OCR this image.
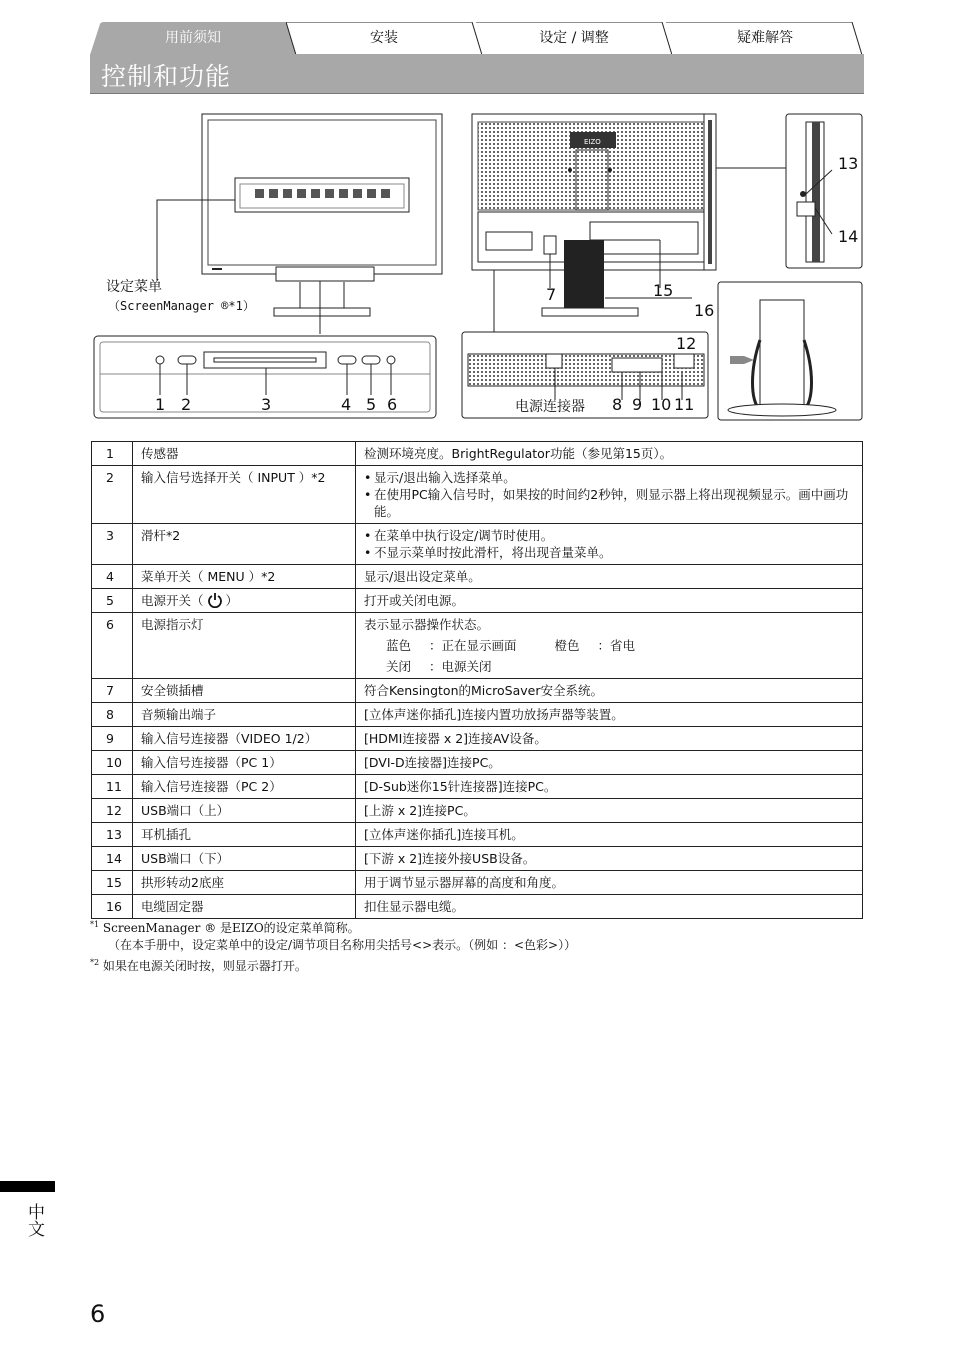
用前须知	安装	设定 / 调整	疑难解答
控制和功能
设定菜单
（ScreenManager ®*1）
1 2	3	4 5 6
EIZO
7	15
16
13
14
12
电源连接器 8 9 10 11
1	传感器	检测环境亮度。BrightRegulator功能（参见第15页）。

2	输入信号选择开关（ INPUT ）*2	• 显示/退出输入选择菜单。
• 在使用PC输入信号时，如果按的时间约2秒钟，则显示器上将出现视频显示。画中画功能。

3	滑杆*2	• 在菜单中执行设定/调节时使用。
• 不显示菜单时按此滑杆，将出现音量菜单。

4	菜单开关（ MENU ）*2	显示/退出设定菜单。

5	电源开关（ ）	打开或关闭电源。

6	电源指示灯	表示显示器操作状态。
蓝色 ：正在显示画面 橙色 ：省电
关闭 ：电源关闭

7	安全锁插槽	符合Kensington的MicroSaver安全系统。

8	音频输出端子	[立体声迷你插孔]连接内置功放扬声器等装置。

9	输入信号连接器（VIDEO 1/2）	[HDMI连接器 x 2]连接AV设备。

10	输入信号连接器（PC 1）	[DVI-D连接器]连接PC。

11	输入信号连接器（PC 2）	[D-Sub迷你15针连接器]连接PC。

12	USB端口（上）	[上游 x 2]连接PC。

13	耳机插孔	[立体声迷你插孔]连接耳机。

14	USB端口（下）	[下游 x 2]连接外接USB设备。

15	拱形转动2底座	用于调节显示器屏幕的高度和角度。

16	电缆固定器	扣住显示器电缆。
$^{*1}$ ScreenManager ® 是EIZO的设定菜单简称。
（在本手册中，设定菜单中的设定/调节项目名称用尖括号<>表示。（例如 ：<色彩>））
$^{*2}$ 如果在电源关闭时按，则显示器打开。
中文
6
